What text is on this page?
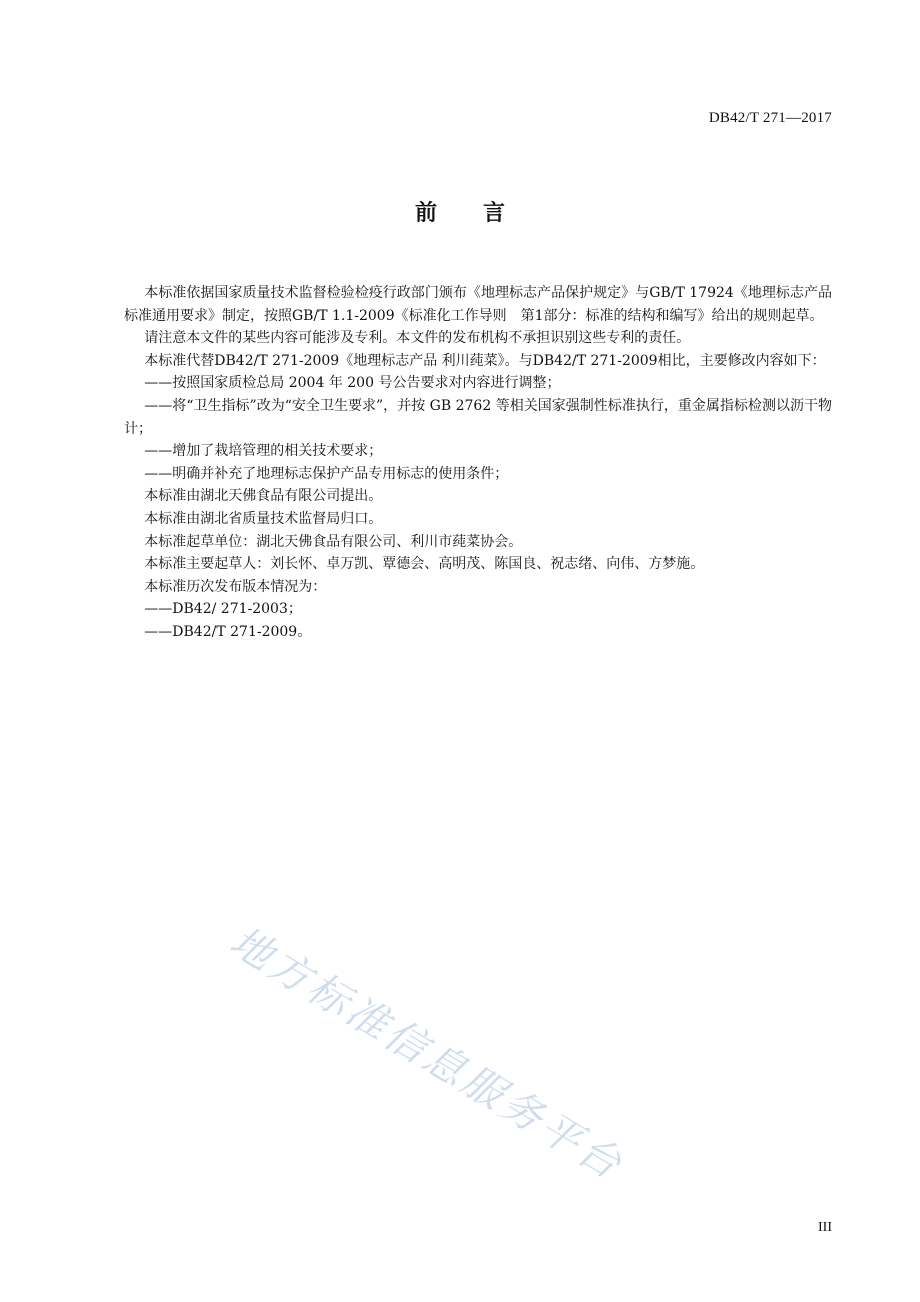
DB42/T 271—2017
前言

本标准依据国家质量技术监督检验检疫行政部门颁布《地理标志产品保护规定》与GB/T 17924《地理标志产品标准通用要求》制定，按照GB/T 1.1-2009《标准化工作导则　第1部分：标准的结构和编写》给出的规则起草。

请注意本文件的某些内容可能涉及专利。本文件的发布机构不承担识别这些专利的责任。

本标准代替DB42/T 271-2009《地理标志产品 利川莼菜》。与DB42/T 271-2009相比，主要修改内容如下：

——按照国家质检总局 2004 年 200 号公告要求对内容进行调整；

——将“卫生指标”改为“安全卫生要求”，并按 GB 2762 等相关国家强制性标准执行，重金属指标检测以沥干物计；

——增加了栽培管理的相关技术要求；

——明确并补充了地理标志保护产品专用标志的使用条件；

本标准由湖北天佛食品有限公司提出。

本标准由湖北省质量技术监督局归口。

本标准起草单位：湖北天佛食品有限公司、利川市莼菜协会。

本标准主要起草人：刘长怀、卓万凯、覃德会、高明茂、陈国良、祝志绪、向伟、方梦施。

本标准历次发布版本情况为：

——DB42/ 271-2003；

——DB42/T 271-2009。

地方标准信息服务平台
III
